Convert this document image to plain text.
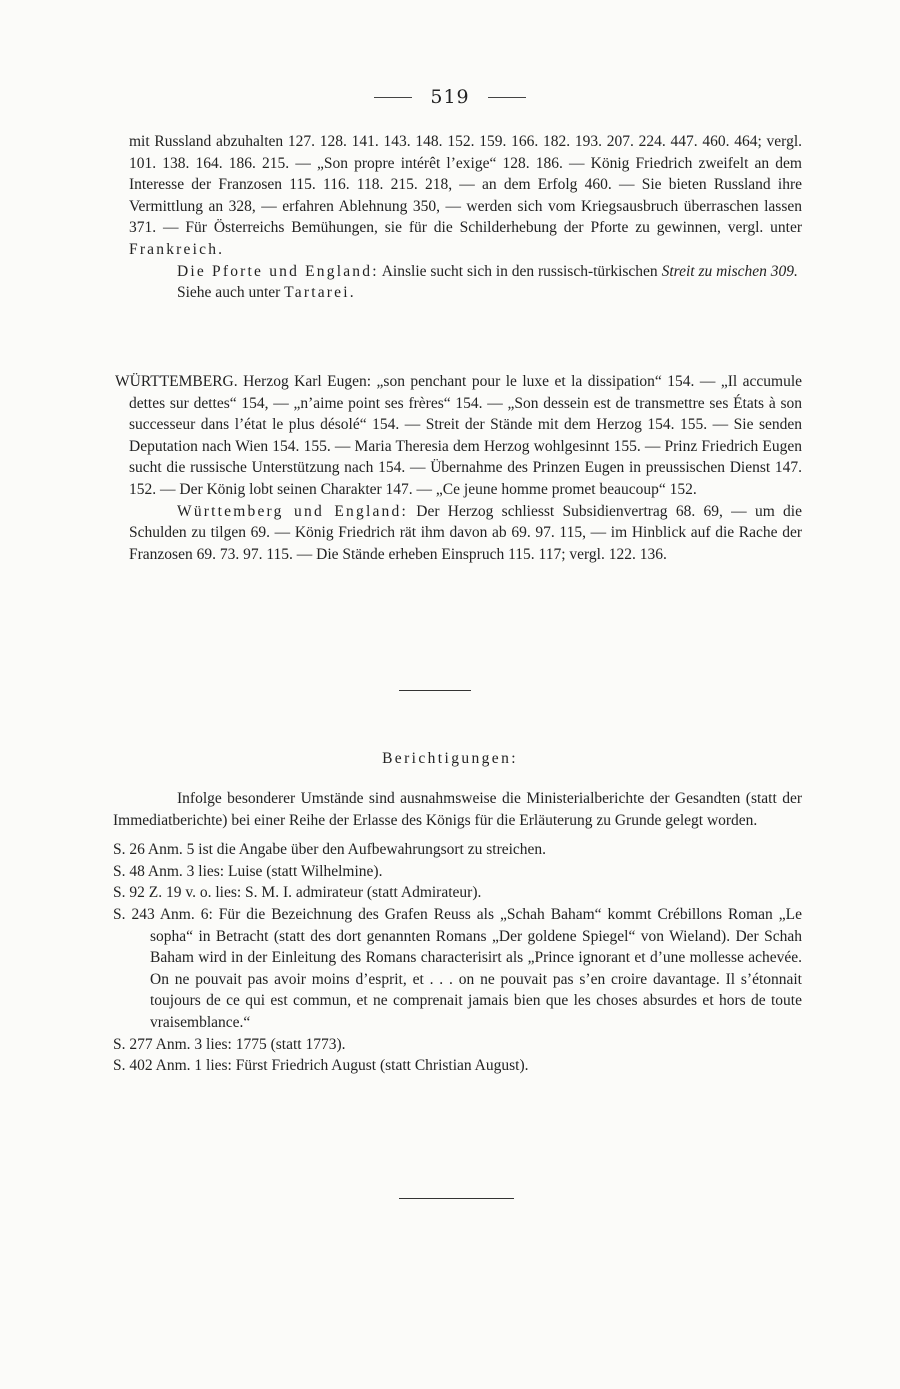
519

mit Russland abzuhalten 127. 128. 141. 143. 148. 152. 159. 166. 182. 193. 207. 224. 447. 460. 464; vergl. 101. 138. 164. 186. 215. — „Son propre intérêt l’exige“ 128. 186. — König Friedrich zweifelt an dem Interesse der Franzosen 115. 116. 118. 215. 218, — an dem Erfolg 460. — Sie bieten Russland ihre Vermittlung an 328, — erfahren Ablehnung 350, — werden sich vom Kriegsausbruch überraschen lassen 371. — Für Österreichs Bemühungen, sie für die Schilderhebung der Pforte zu gewinnen, vergl. unter Frankreich.

Die Pforte und England: Ainslie sucht sich in den russisch-türkischen Streit zu mischen 309.

Siehe auch unter Tartarei.

WÜRTTEMBERG. Herzog Karl Eugen: „son penchant pour le luxe et la dissipation“ 154. — „Il accumule dettes sur dettes“ 154, — „n’aime point ses frères“ 154. — „Son dessein est de transmettre ses États à son successeur dans l’état le plus désolé“ 154. — Streit der Stände mit dem Herzog 154. 155. — Sie senden Deputation nach Wien 154. 155. — Maria Theresia dem Herzog wohlgesinnt 155. — Prinz Friedrich Eugen sucht die russische Unterstützung nach 154. — Übernahme des Prinzen Eugen in preussischen Dienst 147. 152. — Der König lobt seinen Charakter 147. — „Ce jeune homme promet beaucoup“ 152.

Württemberg und England: Der Herzog schliesst Subsidienvertrag 68. 69, — um die Schulden zu tilgen 69. — König Friedrich rät ihm davon ab 69. 97. 115, — im Hinblick auf die Rache der Franzosen 69. 73. 97. 115. — Die Stände erheben Einspruch 115. 117; vergl. 122. 136.

Berichtigungen:

Infolge besonderer Umstände sind ausnahmsweise die Ministerialberichte der Gesandten (statt der Immediatberichte) bei einer Reihe der Erlasse des Königs für die Erläuterung zu Grunde gelegt worden.

S. 26 Anm. 5 ist die Angabe über den Aufbewahrungsort zu streichen.

S. 48 Anm. 3 lies: Luise (statt Wilhelmine).

S. 92 Z. 19 v. o. lies: S. M. I. admirateur (statt Admirateur).

S. 243 Anm. 6: Für die Bezeichnung des Grafen Reuss als „Schah Baham“ kommt Crébillons Roman „Le sopha“ in Betracht (statt des dort genannten Romans „Der goldene Spiegel“ von Wieland). Der Schah Baham wird in der Einleitung des Romans characterisirt als „Prince ignorant et d’une mollesse achevée. On ne pouvait pas avoir moins d’esprit, et . . . on ne pouvait pas s’en croire davantage. Il s’étonnait toujours de ce qui est commun, et ne comprenait jamais bien que les choses absurdes et hors de toute vraisemblance.“

S. 277 Anm. 3 lies: 1775 (statt 1773).

S. 402 Anm. 1 lies: Fürst Friedrich August (statt Christian August).
